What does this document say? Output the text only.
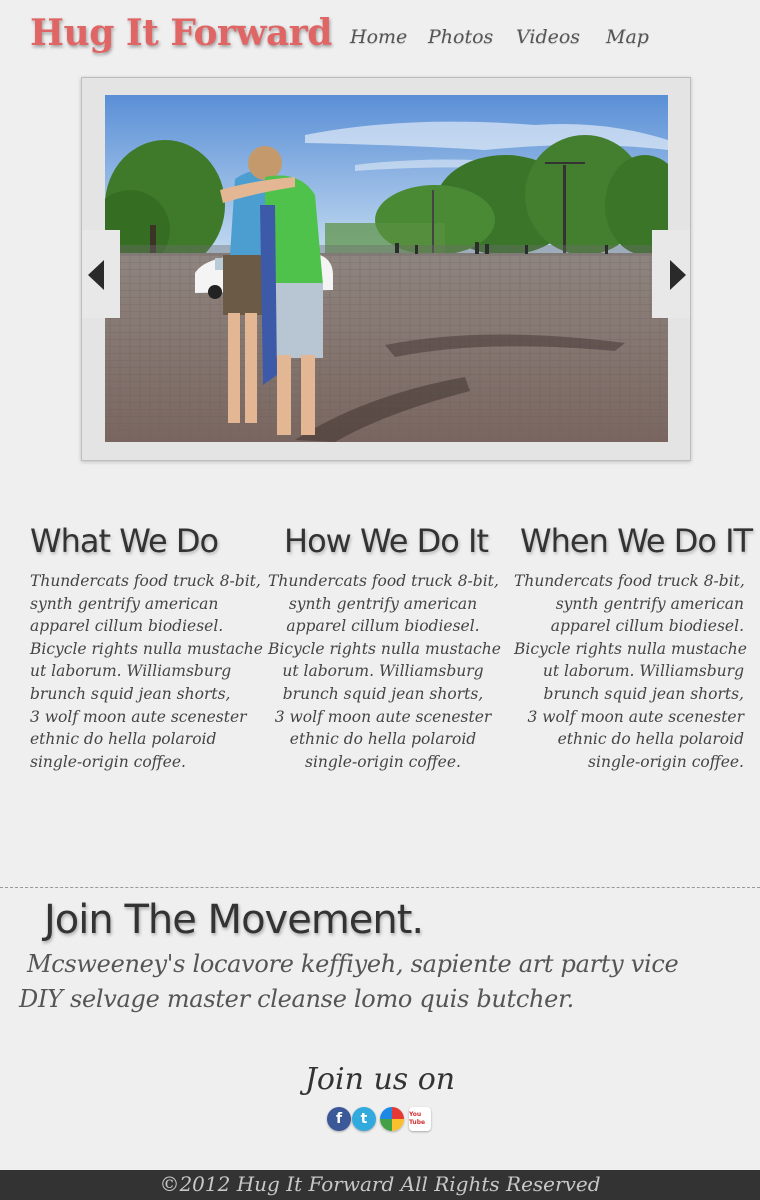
Hug It Forward Home Photos Videos Map
What We Do
Thundercats food truck 8-bit,
synth gentrify american
apparel cillum biodiesel.
Bicycle rights nulla mustache
ut laborum. Williamsburg
brunch squid jean shorts,
3 wolf moon aute scenester
ethnic do hella polaroid
single-origin coffee.
How We Do It
Thundercats food truck 8-bit,
synth gentrify american
apparel cillum biodiesel.
Bicycle rights nulla mustache
ut laborum. Williamsburg
brunch squid jean shorts,
3 wolf moon aute scenester
ethnic do hella polaroid
single-origin coffee.
When We Do IT
Thundercats food truck 8-bit,
synth gentrify american
apparel cillum biodiesel.
Bicycle rights nulla mustache
ut laborum. Williamsburg
brunch squid jean shorts,
3 wolf moon aute scenester
ethnic do hella polaroid
single-origin coffee.
Join The Movement.
Mcsweeney's locavore keffiyeh, sapiente art party vice
DIY selvage master cleanse lomo quis butcher.
Join us on
f t	You Tube
©2012 Hug It Forward All Rights Reserved
